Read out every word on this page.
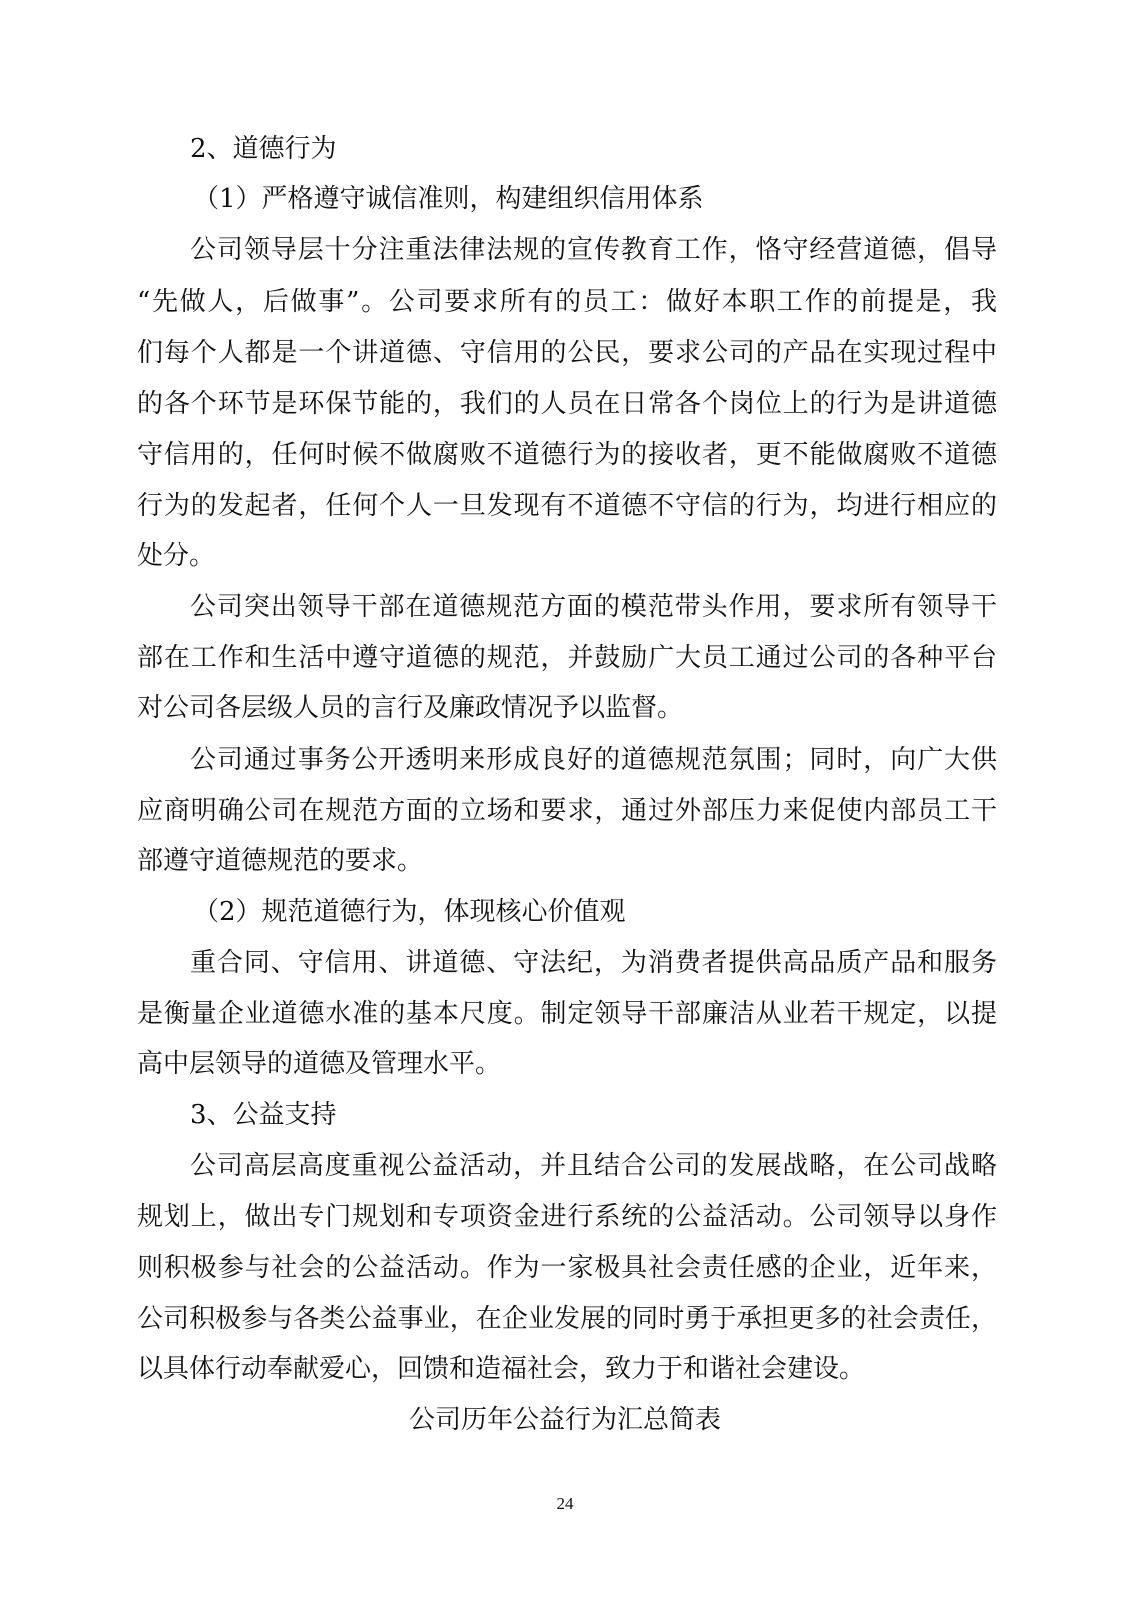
2、道德行为
（1）严格遵守诚信准则，构建组织信用体系
公司领导层十分注重法律法规的宣传教育工作，恪守经营道德，倡导
“先做人，后做事”。公司要求所有的员工：做好本职工作的前提是，我
们每个人都是一个讲道德、守信用的公民，要求公司的产品在实现过程中
的各个环节是环保节能的，我们的人员在日常各个岗位上的行为是讲道德
守信用的，任何时候不做腐败不道德行为的接收者，更不能做腐败不道德
行为的发起者，任何个人一旦发现有不道德不守信的行为，均进行相应的
处分。
公司突出领导干部在道德规范方面的模范带头作用，要求所有领导干
部在工作和生活中遵守道德的规范，并鼓励广大员工通过公司的各种平台
对公司各层级人员的言行及廉政情况予以监督。
公司通过事务公开透明来形成良好的道德规范氛围；同时，向广大供
应商明确公司在规范方面的立场和要求，通过外部压力来促使内部员工干
部遵守道德规范的要求。
（2）规范道德行为，体现核心价值观
重合同、守信用、讲道德、守法纪，为消费者提供高品质产品和服务
是衡量企业道德水准的基本尺度。制定领导干部廉洁从业若干规定，以提
高中层领导的道德及管理水平。
3、公益支持
公司高层高度重视公益活动，并且结合公司的发展战略，在公司战略
规划上，做出专门规划和专项资金进行系统的公益活动。公司领导以身作
则积极参与社会的公益活动。作为一家极具社会责任感的企业，近年来，
公司积极参与各类公益事业，在企业发展的同时勇于承担更多的社会责任，
以具体行动奉献爱心，回馈和造福社会，致力于和谐社会建设。
公司历年公益行为汇总简表
24
